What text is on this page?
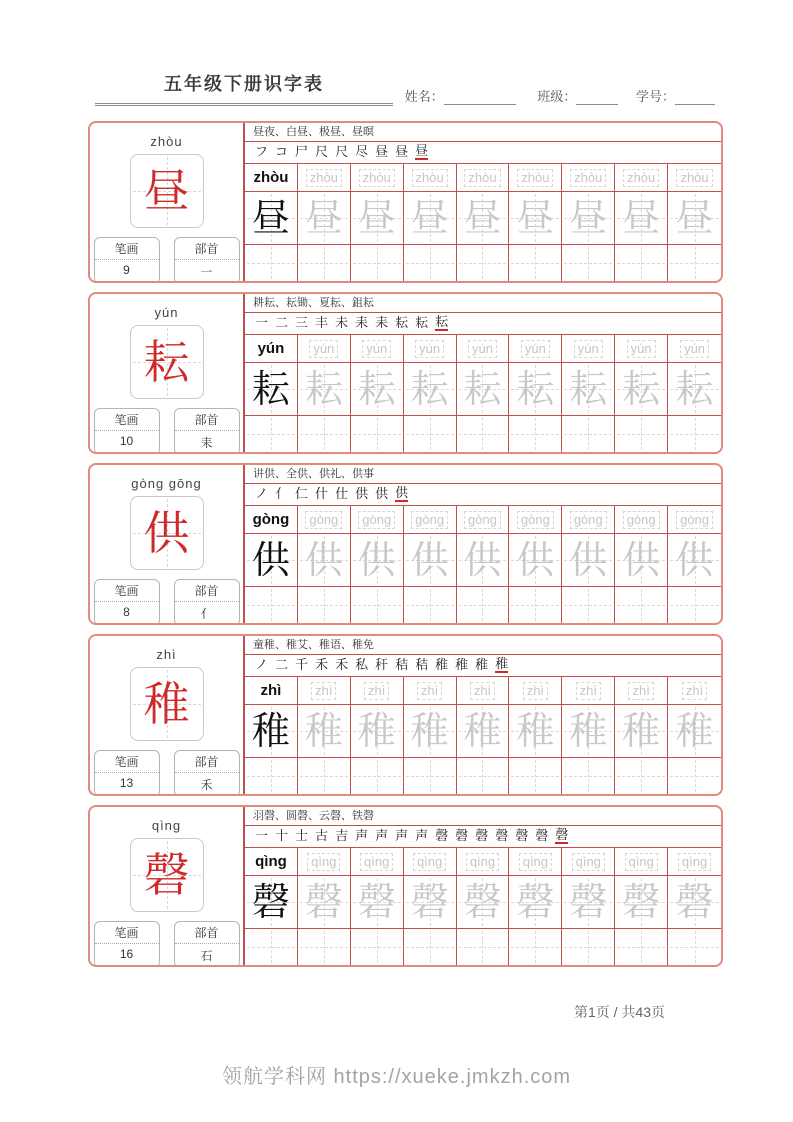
五年级下册识字表
姓名：	班级：	学号：
zhòu
昼
笔画
9
部首
一
昼夜、白昼、极昼、昼暝
フ コ 尸 尺 尺 尽 昼 昼 昼
zhòu	zhòu	zhòu	zhòu	zhòu	zhòu	zhòu	zhòu	zhòu
昼 昼 昼 昼 昼 昼 昼 昼 昼
yún
耘
笔画
10
部首
耒
耕耘、耘锄、夏耘、鉏耘
一 二 三 丰 未 耒 耒 耘 耘 耘
yún	yún	yún	yún	yún	yún	yún	yún	yún
耘 耘 耘 耘 耘 耘 耘 耘 耘
gòng gōng
供
笔画
8
部首
亻
讲供、全供、供礼、供事
ノ 亻 仁 什 仕 供 供 供
gòng	gòng	gòng	gòng	gòng	gòng	gòng	gòng	gòng
供 供 供 供 供 供 供 供 供
zhì
稚
笔画
13
部首
禾
童稚、稚艾、稚语、稚免
ノ 二 千 禾 禾 私 秆 秸 秸 稚 稚 稚 稚
zhì	zhì	zhì	zhì	zhì	zhì	zhì	zhì	zhì
稚 稚 稚 稚 稚 稚 稚 稚 稚
qìng
磬
笔画
16
部首
石
羽磬、圆磬、云磬、铁磬
一 十 士 古 吉 声 声 声 声 磬 磬 磬 磬 磬 磬 磬
qìng	qìng	qìng	qìng	qìng	qìng	qìng	qìng	qìng
磬 磬 磬 磬 磬 磬 磬 磬 磬
第1页 / 共43页
领航学科网 https://xueke.jmkzh.com
